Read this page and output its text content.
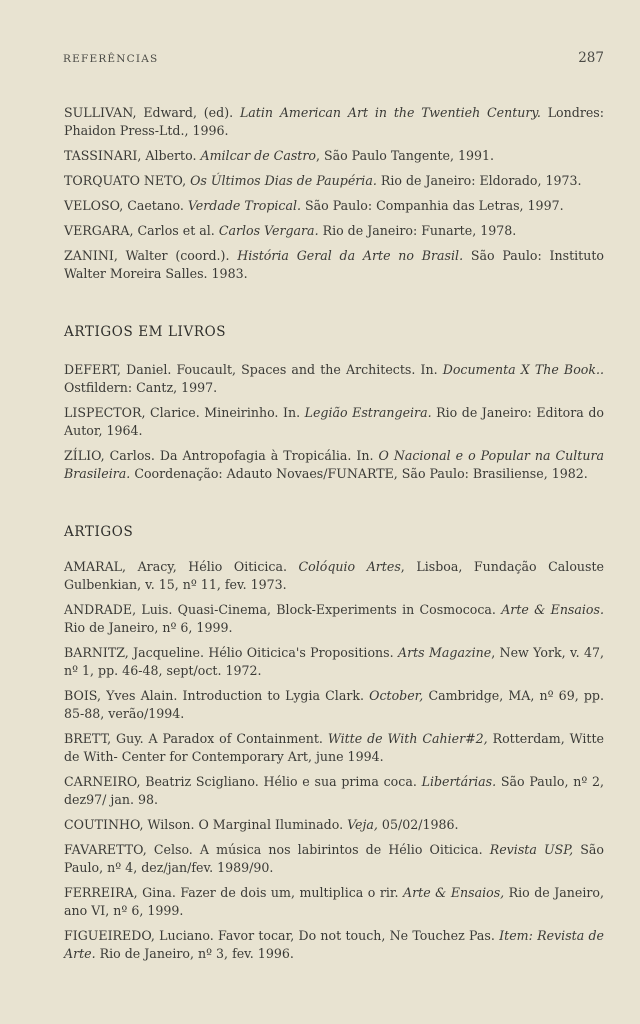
REFERÊNCIAS	287

SULLIVAN, Edward, (ed). Latin American Art in the Twentieh Century. Londres: Phaidon Press-Ltd., 1996.

TASSINARI, Alberto. Amilcar de Castro, São Paulo Tangente, 1991.

TORQUATO NETO, Os Últimos Dias de Paupéria. Rio de Janeiro: Eldorado, 1973.

VELOSO, Caetano. Verdade Tropical. São Paulo: Companhia das Letras, 1997.

VERGARA, Carlos et al. Carlos Vergara. Rio de Janeiro: Funarte, 1978.

ZANINI, Walter (coord.). História Geral da Arte no Brasil. São Paulo: Instituto Walter Moreira Salles. 1983.

ARTIGOS EM LIVROS

DEFERT, Daniel. Foucault, Spaces and the Architects. In. Documenta X The Book.. Ostfildern: Cantz, 1997.

LISPECTOR, Clarice. Mineirinho. In. Legião Estrangeira. Rio de Janeiro: Editora do Autor, 1964.

ZÍLIO, Carlos. Da Antropofagia à Tropicália. In. O Nacional e o Popular na Cultura Brasileira. Coordenação: Adauto Novaes/FUNARTE, São Paulo: Brasiliense, 1982.

ARTIGOS

AMARAL, Aracy, Hélio Oiticica. Colóquio Artes, Lisboa, Fundação Calouste Gulbenkian, v. 15, nº 11, fev. 1973.

ANDRADE, Luis. Quasi-Cinema, Block-Experiments in Cosmococa. Arte & Ensaios. Rio de Janeiro, nº 6, 1999.

BARNITZ, Jacqueline. Hélio Oiticica's Propositions. Arts Magazine, New York, v. 47, nº 1, pp. 46-48, sept/oct. 1972.

BOIS, Yves Alain. Introduction to Lygia Clark. October, Cambridge, MA, nº 69, pp. 85-88, verão/1994.

BRETT, Guy. A Paradox of Containment. Witte de With Cahier#2, Rotterdam, Witte de With- Center for Contemporary Art, june 1994.

CARNEIRO, Beatriz Scigliano. Hélio e sua prima coca. Libertárias. São Paulo, nº 2, dez97/ jan. 98.

COUTINHO, Wilson. O Marginal Iluminado. Veja, 05/02/1986.

FAVARETTO, Celso. A música nos labirintos de Hélio Oiticica. Revista USP, São Paulo, nº 4, dez/jan/fev. 1989/90.

FERREIRA, Gina. Fazer de dois um, multiplica o rir. Arte & Ensaios, Rio de Janeiro, ano VI, nº 6, 1999.

FIGUEIREDO, Luciano. Favor tocar, Do not touch, Ne Touchez Pas. Item: Revista de Arte. Rio de Janeiro, nº 3, fev. 1996.
